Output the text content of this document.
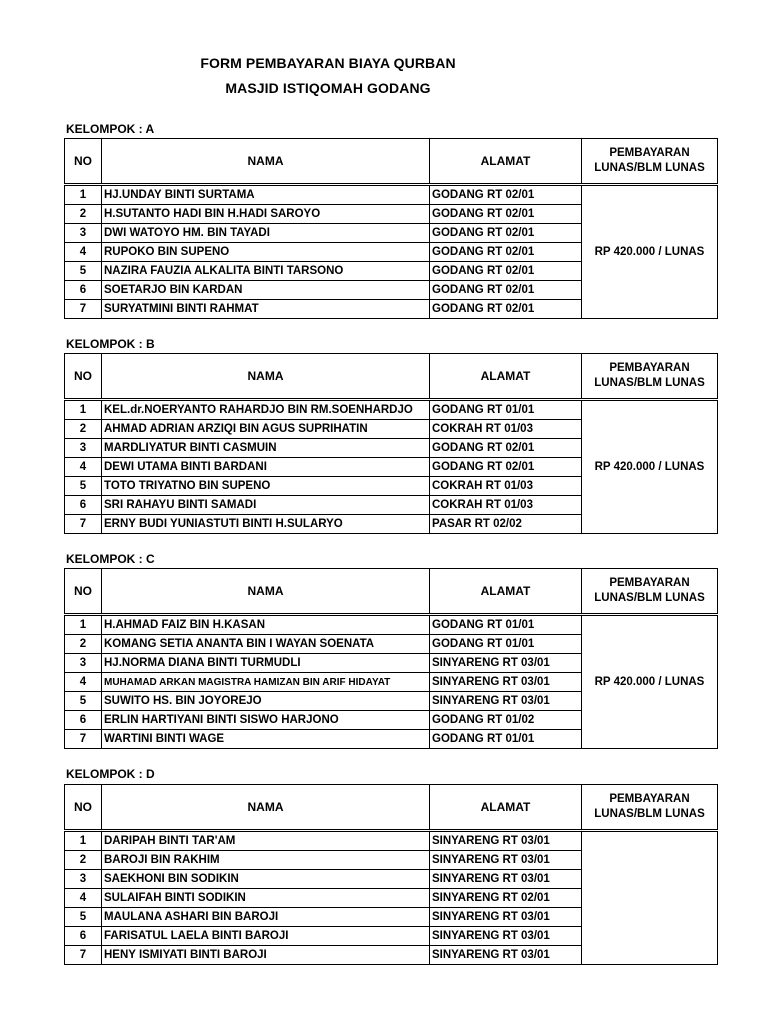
FORM PEMBAYARAN BIAYA QURBAN
MASJID ISTIQOMAH GODANG
KELOMPOK : A
NO	NAMA	ALAMAT	PEMBAYARAN
LUNAS/BLM LUNAS

1	HJ.UNDAY BINTI SURTAMA	GODANG RT 02/01	RP 420.000 / LUNAS
2	H.SUTANTO HADI BIN H.HADI SAROYO	GODANG RT 02/01	
3	DWI WATOYO HM. BIN TAYADI	GODANG RT 02/01	
4	RUPOKO BIN SUPENO	GODANG RT 02/01	
5	NAZIRA FAUZIA ALKALITA BINTI TARSONO	GODANG RT 02/01	
6	SOETARJO BIN KARDAN	GODANG RT 02/01	
7	SURYATMINI BINTI RAHMAT	GODANG RT 02/01	
KELOMPOK : B
NO	NAMA	ALAMAT	PEMBAYARAN
LUNAS/BLM LUNAS

1	KEL.dr.NOERYANTO RAHARDJO BIN RM.SOENHARDJO	GODANG RT 01/01	RP 420.000 / LUNAS
2	AHMAD ADRIAN ARZIQI BIN AGUS SUPRIHATIN	COKRAH RT 01/03	
3	MARDLIYATUR BINTI CASMUIN	GODANG RT 02/01	
4	DEWI UTAMA BINTI BARDANI	GODANG RT 02/01	
5	TOTO TRIYATNO BIN SUPENO	COKRAH RT 01/03	
6	SRI RAHAYU BINTI SAMADI	COKRAH RT 01/03	
7	ERNY BUDI YUNIASTUTI BINTI H.SULARYO	PASAR RT 02/02	
KELOMPOK : C
NO	NAMA	ALAMAT	PEMBAYARAN
LUNAS/BLM LUNAS

1	H.AHMAD FAIZ BIN H.KASAN	GODANG RT 01/01	RP 420.000 / LUNAS
2	KOMANG SETIA ANANTA BIN I WAYAN SOENATA	GODANG RT 01/01	
3	HJ.NORMA DIANA BINTI TURMUDLI	SINYARENG RT 03/01	
4	MUHAMAD ARKAN MAGISTRA HAMIZAN BIN ARIF HIDAYAT	SINYARENG RT 03/01	
5	SUWITO HS. BIN JOYOREJO	SINYARENG RT 03/01	
6	ERLIN HARTIYANI BINTI SISWO HARJONO	GODANG RT 01/02	
7	WARTINI BINTI WAGE	GODANG RT 01/01	
KELOMPOK : D
NO	NAMA	ALAMAT	PEMBAYARAN
LUNAS/BLM LUNAS

1	DARIPAH BINTI TAR'AM	SINYARENG RT 03/01	
2	BAROJI BIN RAKHIM	SINYARENG RT 03/01	
3	SAEKHONI BIN SODIKIN	SINYARENG RT 03/01	
4	SULAIFAH BINTI SODIKIN	SINYARENG RT 02/01	
5	MAULANA ASHARI BIN BAROJI	SINYARENG RT 03/01	
6	FARISATUL LAELA BINTI BAROJI	SINYARENG RT 03/01	
7	HENY ISMIYATI BINTI BAROJI	SINYARENG RT 03/01	
